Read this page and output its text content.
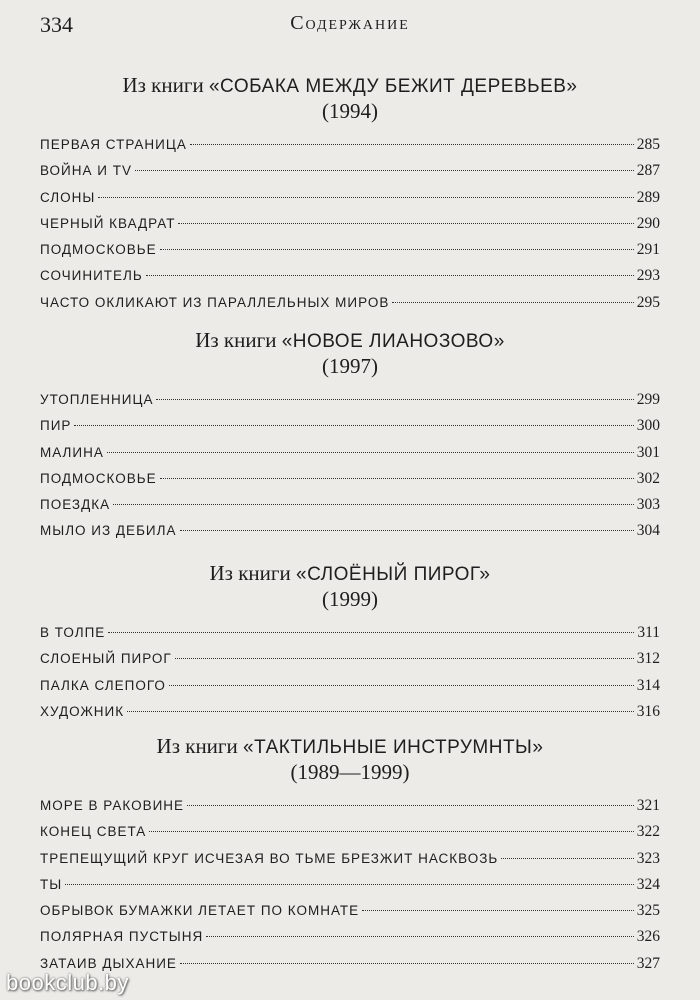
334	Содержание
Из книги «СОБАКА МЕЖДУ БЕЖИТ ДЕРЕВЬЕВ»
(1994)
ПЕРВАЯ СТРАНИЦА	285
ВОЙНА И TV	287
СЛОНЫ	289
ЧЕРНЫЙ КВАДРАТ	290
ПОДМОСКОВЬЕ	291
СОЧИНИТЕЛЬ	293
ЧАСТО ОКЛИКАЮТ ИЗ ПАРАЛЛЕЛЬНЫХ МИРОВ	295
Из книги «НОВОЕ ЛИАНОЗОВО»
(1997)
УТОПЛЕННИЦА	299
ПИР	300
МАЛИНА	301
ПОДМОСКОВЬЕ	302
ПОЕЗДКА	303
МЫЛО ИЗ ДЕБИЛА	304
Из книги «СЛОЁНЫЙ ПИРОГ»
(1999)
В ТОЛПЕ	311
СЛОЕНЫЙ ПИРОГ	312
ПАЛКА СЛЕПОГО	314
ХУДОЖНИК	316
Из книги «ТАКТИЛЬНЫЕ ИНСТРУМНТЫ»
(1989—1999)
МОРЕ В РАКОВИНЕ	321
КОНЕЦ СВЕТА	322
ТРЕПЕЩУЩИЙ КРУГ ИСЧЕЗАЯ ВО ТЬМЕ БРЕЗЖИТ НАСКВОЗЬ	323
ТЫ	324
ОБРЫВОК БУМАЖКИ ЛЕТАЕТ ПО КОМНАТЕ	325
ПОЛЯРНАЯ ПУСТЫНЯ	326
ЗАТАИВ ДЫХАНИЕ	327
bookclub.by
